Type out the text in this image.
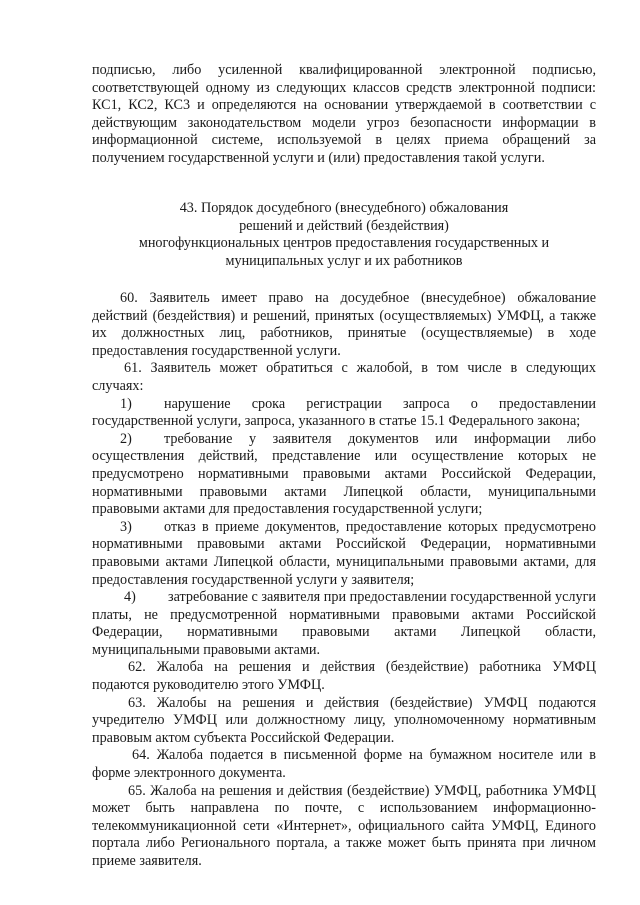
подписью, либо усиленной квалифицированной электронной подписью, соответствующей одному из следующих классов средств электронной подписи: КС1, КС2, КС3 и определяются на основании утверждаемой в соответствии с действующим законодательством модели угроз безопасности информации в информационной системе, используемой в целях приема обращений за получением государственной услуги и (или) предоставления такой услуги.

43. Порядок досудебного (внесудебного) обжалования
решений и действий (бездействия)
многофункциональных центров предоставления государственных и
муниципальных услуг и их работников

60. Заявитель имеет право на досудебное (внесудебное) обжалование действий (бездействия) и решений, принятых (осуществляемых) УМФЦ, а также их должностных лиц, работников, принятые (осуществляемые) в ходе предоставления государственной услуги.

61. Заявитель может обратиться с жалобой, в том числе в следующих случаях:

1) нарушение срока регистрации запроса о предоставлении государственной услуги, запроса, указанного в статье 15.1 Федерального закона;

2) требование у заявителя документов или информации либо осуществления действий, представление или осуществление которых не предусмотрено нормативными правовыми актами Российской Федерации, нормативными правовыми актами Липецкой области, муниципальными правовыми актами для предоставления государственной услуги;

3) отказ в приеме документов, предоставление которых предусмотрено нормативными правовыми актами Российской Федерации, нормативными правовыми актами Липецкой области, муниципальными правовыми актами, для предоставления государственной услуги у заявителя;

4) затребование с заявителя при предоставлении государственной услуги платы, не предусмотренной нормативными правовыми актами Российской Федерации, нормативными правовыми актами Липецкой области, муниципальными правовыми актами.

62. Жалоба на решения и действия (бездействие) работника УМФЦ подаются руководителю этого УМФЦ.

63. Жалобы на решения и действия (бездействие) УМФЦ подаются учредителю УМФЦ или должностному лицу, уполномоченному нормативным правовым актом субъекта Российской Федерации.

64. Жалоба подается в письменной форме на бумажном носителе или в форме электронного документа.

65. Жалоба на решения и действия (бездействие) УМФЦ, работника УМФЦ может быть направлена по почте, с использованием информационно-телекоммуникационной сети «Интернет», официального сайта УМФЦ, Единого портала либо Регионального портала, а также может быть принята при личном приеме заявителя.
